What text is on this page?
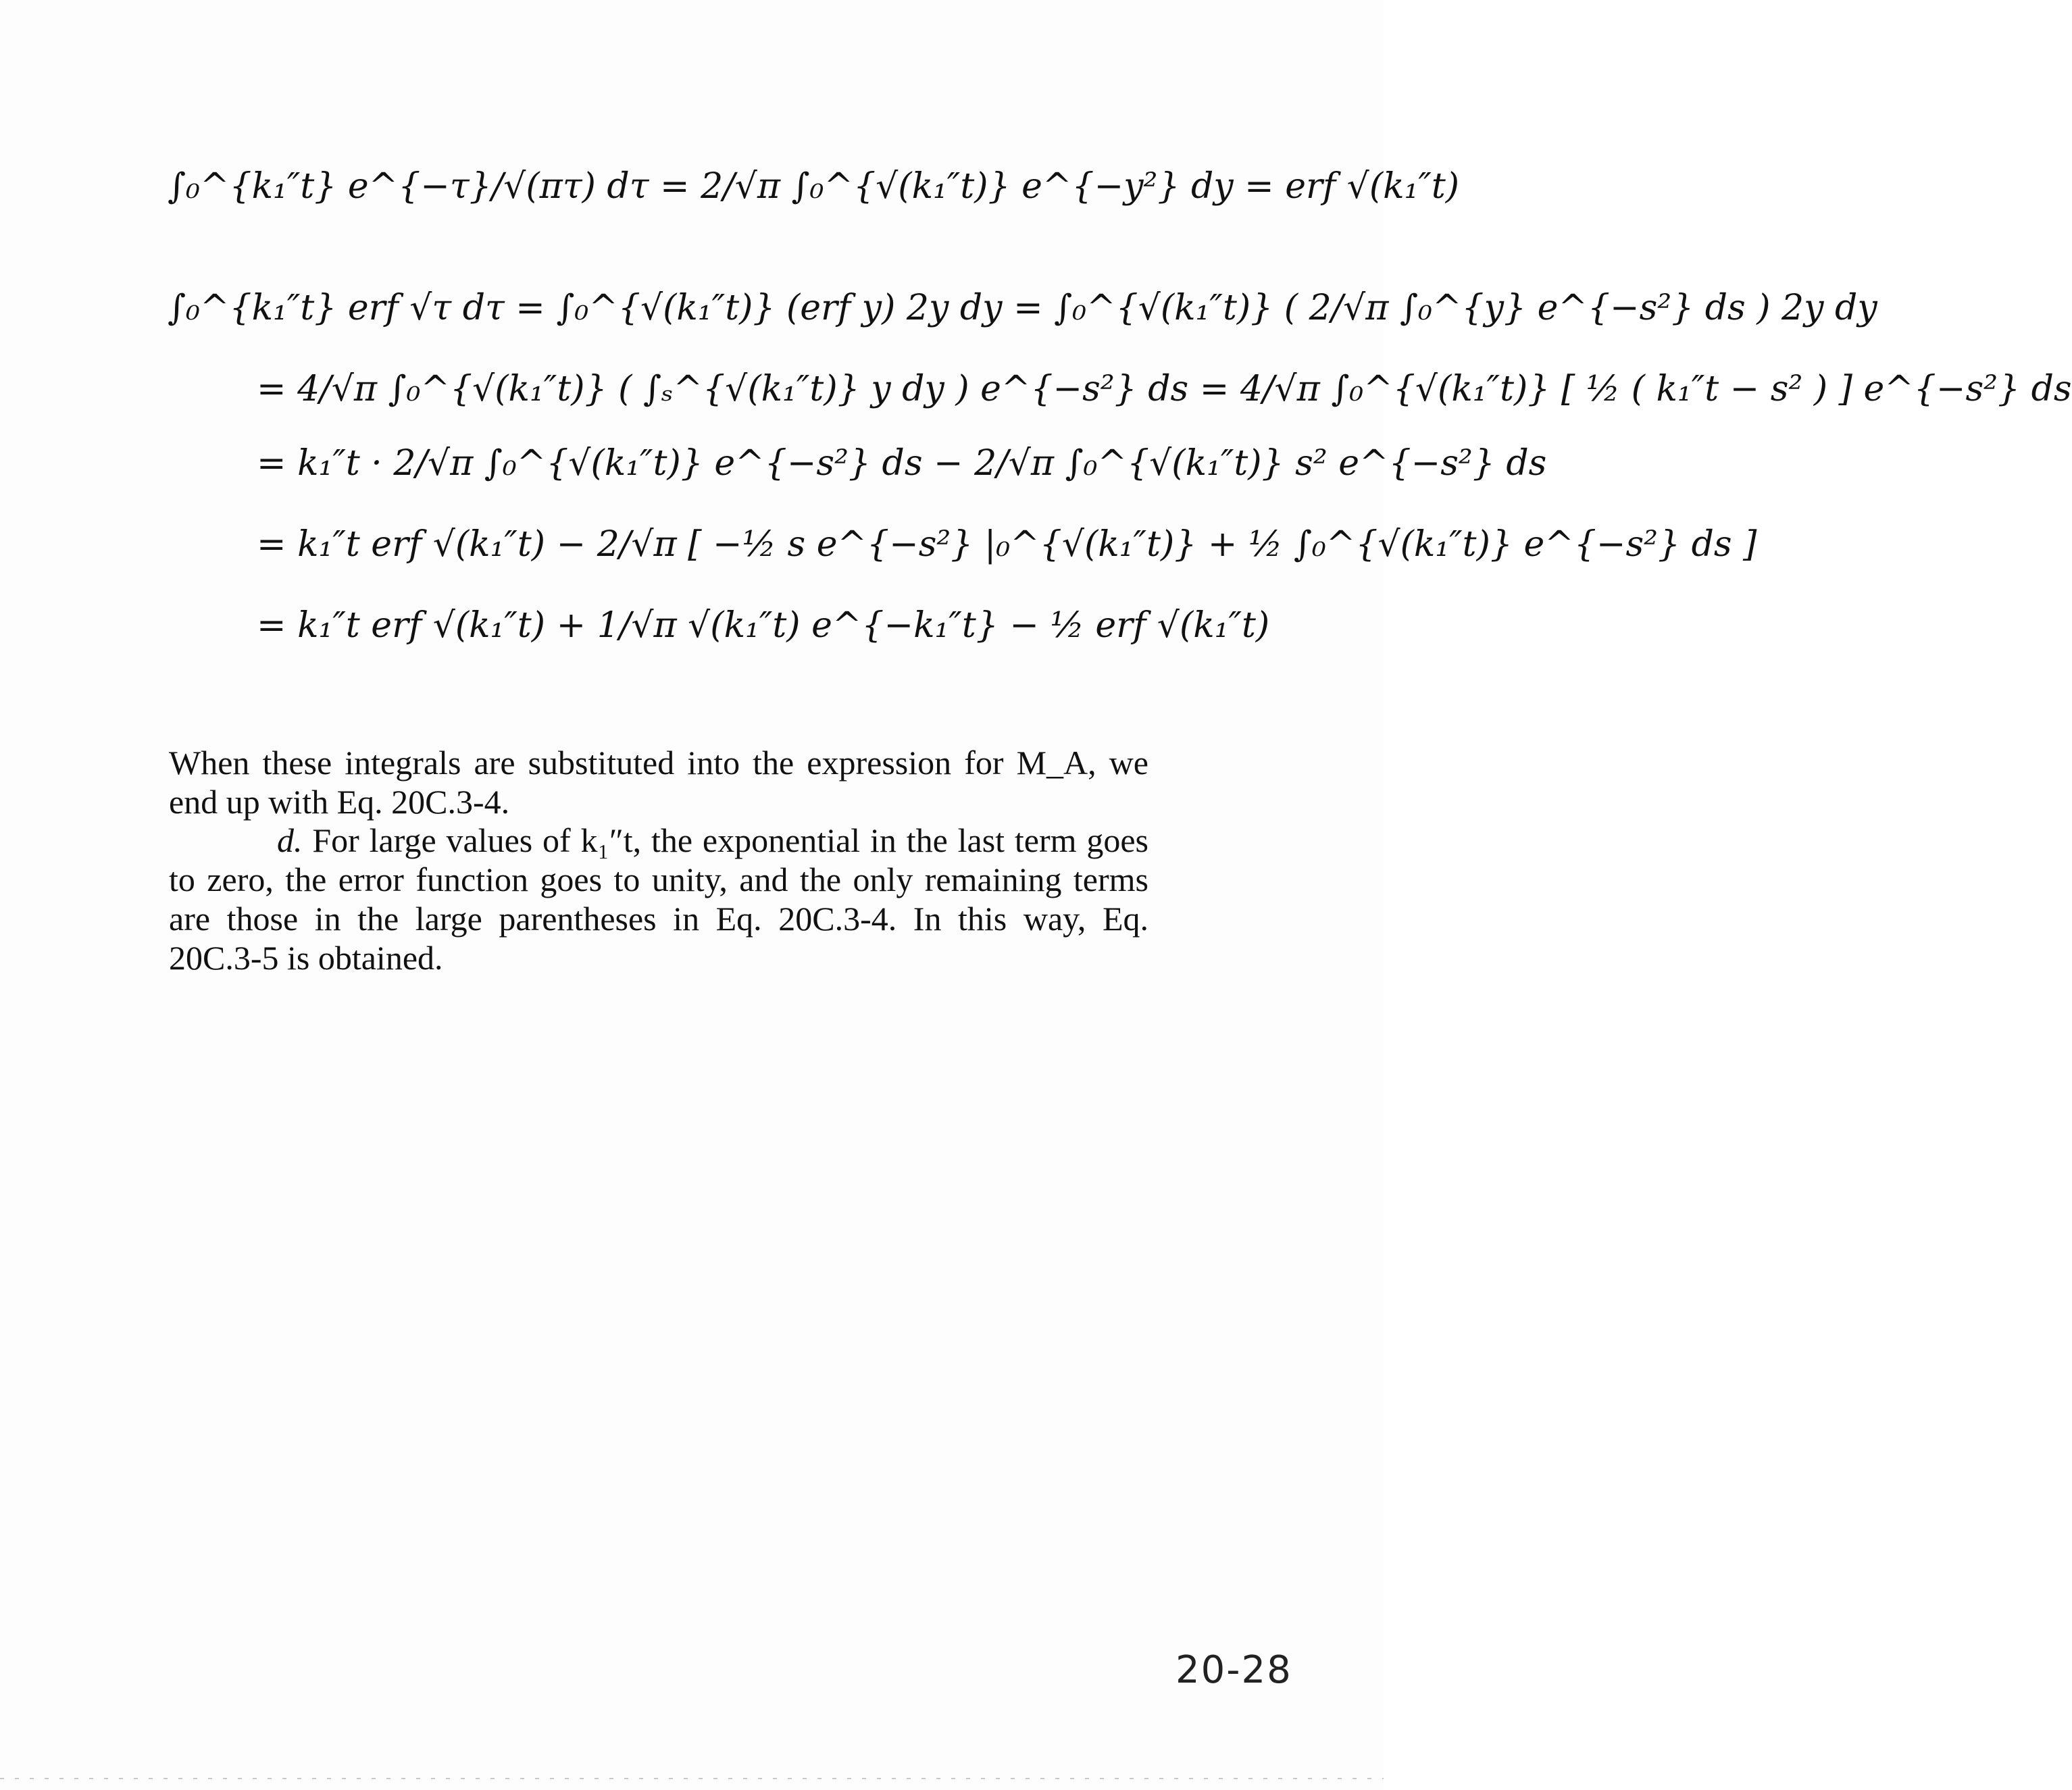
∫₀^{k₁″t} e^{−τ}/√(πτ) dτ = 2/√π ∫₀^{√(k₁″t)} e^{−y²} dy = erf √(k₁″t)
∫₀^{k₁″t} erf √τ dτ = ∫₀^{√(k₁″t)} (erf y) 2y dy = ∫₀^{√(k₁″t)} ( 2/√π ∫₀^{y} e^{−s²} ds ) 2y dy
= 4/√π ∫₀^{√(k₁″t)} ( ∫ₛ^{√(k₁″t)} y dy ) e^{−s²} ds = 4/√π ∫₀^{√(k₁″t)} [ ½ ( k₁″t − s² ) ] e^{−s²} ds
= k₁″t · 2/√π ∫₀^{√(k₁″t)} e^{−s²} ds − 2/√π ∫₀^{√(k₁″t)} s² e^{−s²} ds
= k₁″t erf √(k₁″t) − 2/√π [ −½ s e^{−s²} |₀^{√(k₁″t)} + ½ ∫₀^{√(k₁″t)} e^{−s²} ds ]
= k₁″t erf √(k₁″t) + 1/√π √(k₁″t) e^{−k₁″t} − ½ erf √(k₁″t)

When these integrals are substituted into the expression for M_A, we end up with Eq. 20C.3-4.

d. For large values of k₁″t, the exponential in the last term goes to zero, the error function goes to unity, and the only remaining terms are those in the large parentheses in Eq. 20C.3-4. In this way, Eq. 20C.3-5 is obtained.

20-28
